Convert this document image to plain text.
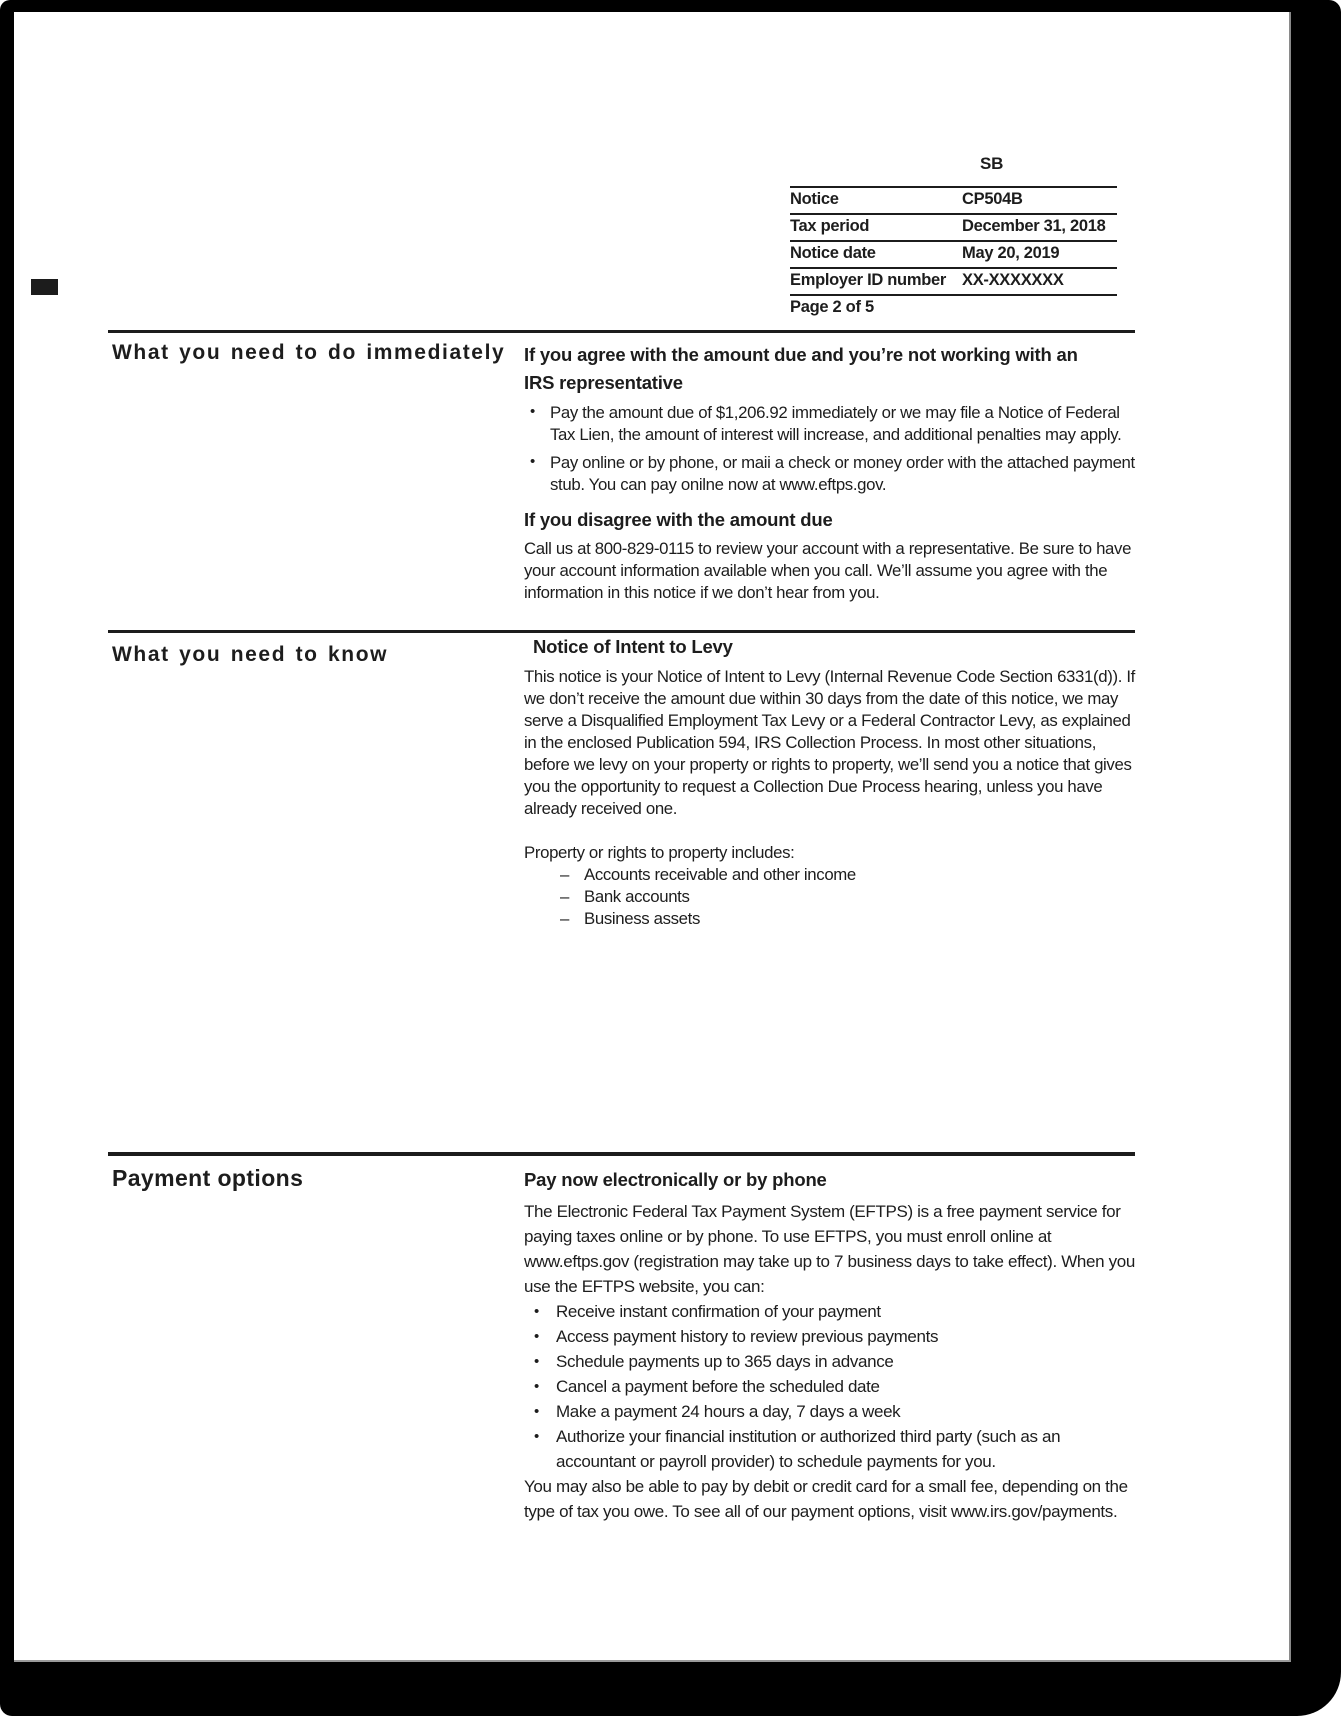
SB
Notice	CP504B
Tax period	December 31, 2018
Notice date	May 20, 2019
Employer ID number XX-XXXXXXX
Page 2 of 5
What you need to do immediately If you agree with the amount due and you’re not working with an IRS representative
• Pay the amount due of $1,206.92 immediately or we may file a Notice of Federal Tax Lien, the amount of interest will increase, and additional penalties may apply.
• Pay online or by phone, or maii a check or money order with the attached payment stub. You can pay onilne now at www.eftps.gov.
If you disagree with the amount due

Call us at 800-829-0115 to review your account with a representative. Be sure to have your account information available when you call. We’ll assume you agree with the information in this notice if we don’t hear from you.

What you need to know	Notice of Intent to Levy

This notice is your Notice of Intent to Levy (Internal Revenue Code Section 6331(d)). If we don’t receive the amount due within 30 days from the date of this notice, we may serve a Disqualified Employment Tax Levy or a Federal Contractor Levy, as explained in the enclosed Publication 594, IRS Collection Process. In most other situations, before we levy on your property or rights to property, we’ll send you a notice that gives you the opportunity to request a Collection Due Process hearing, unless you have already received one.

Property or rights to property includes:

– Accounts receivable and other income
– Bank accounts
– Business assets
Payment options	Pay now electronically or by phone

The Electronic Federal Tax Payment System (EFTPS) is a free payment service for paying taxes online or by phone. To use EFTPS, you must enroll online at www.eftps.gov (registration may take up to 7 business days to take effect). When you use the EFTPS website, you can:

• Receive instant confirmation of your payment
• Access payment history to review previous payments
• Schedule payments up to 365 days in advance
• Cancel a payment before the scheduled date
• Make a payment 24 hours a day, 7 days a week
• Authorize your financial institution or authorized third party (such as an accountant or payroll provider) to schedule payments for you.

You may also be able to pay by debit or credit card for a small fee, depending on the type of tax you owe. To see all of our payment options, visit www.irs.gov/payments.
